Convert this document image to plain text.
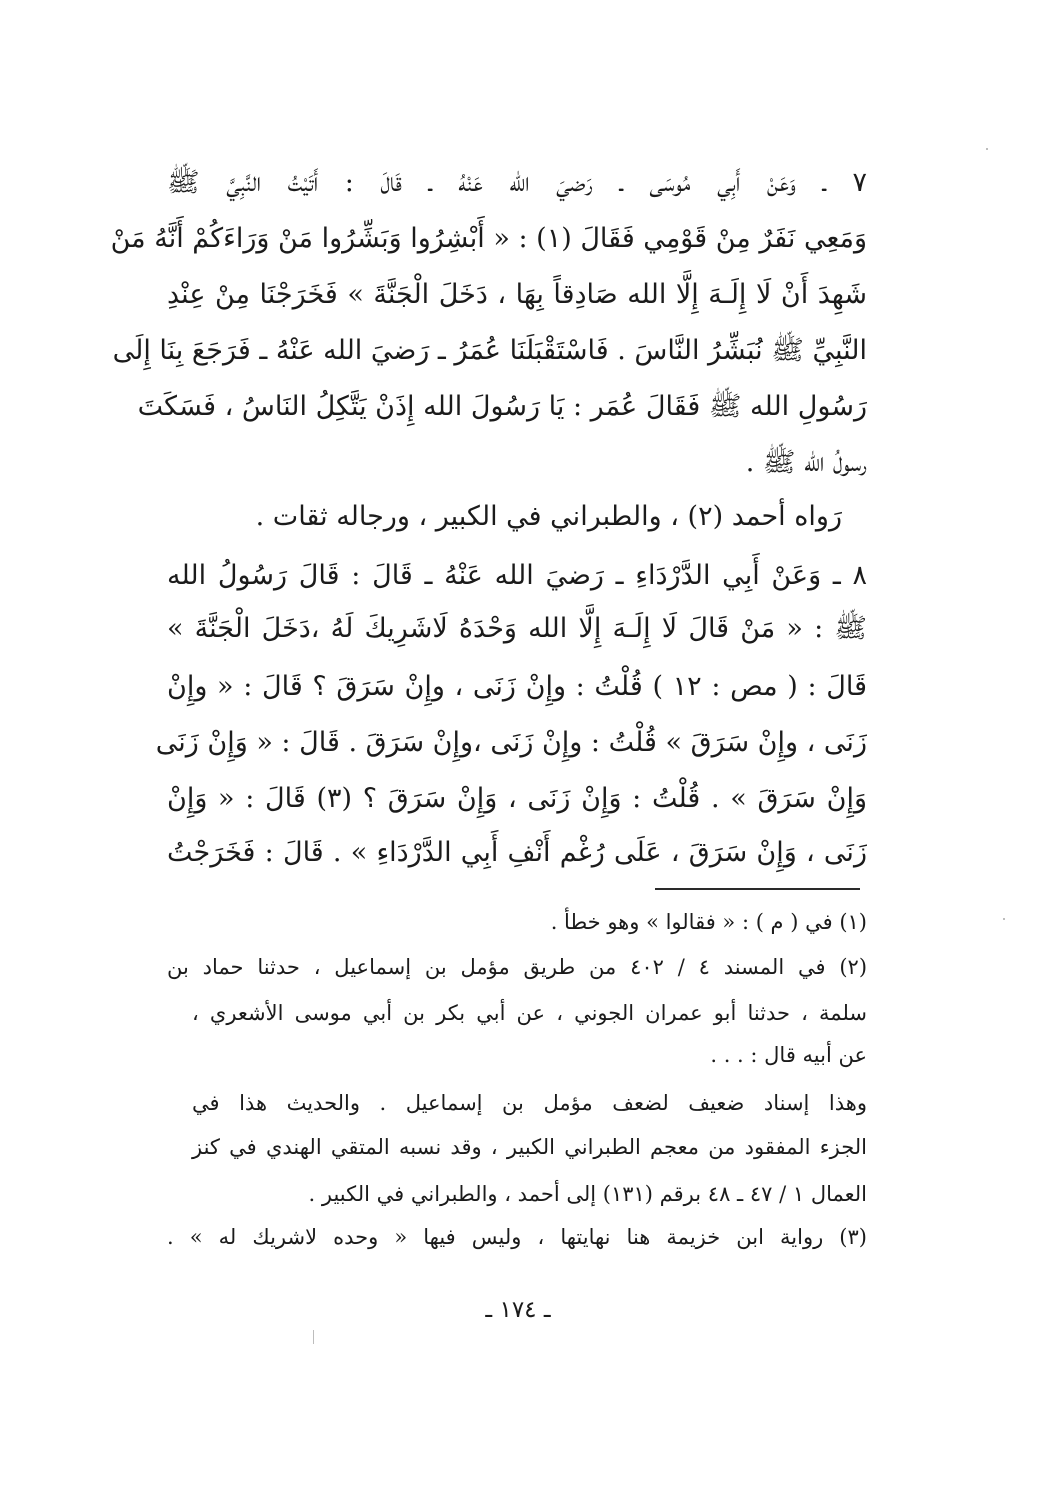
٧ ـ وَعَنْ أَبِي مُوسَى ـ رَضيَ الله عَنْهُ ـ قَالَ : أَتَيْتُ النَّبِيَّ ﷺ
وَمَعِي نَفَرٌ مِنْ قَوْمِي فَقَالَ (١) : « أَبْشِرُوا وَبَشِّرُوا مَنْ وَرَاءَكُمْ أَنَّهُ مَنْ
شَهِدَ أَنْ لَا إِلَـهَ إِلَّا الله صَادِقاً بِهَا ، دَخَلَ الْجَنَّةَ » فَخَرَجْنَا مِنْ عِنْدِ
النَّبِيِّ ﷺ نُبَشِّرُ النَّاسَ . فَاسْتَقْبَلَنَا عُمَرُ ـ رَضيَ الله عَنْهُ ـ فَرَجَعَ بِنَا إِلَى
رَسُولِ الله ﷺ فَقَالَ عُمَر : يَا رَسُولَ الله إِذَنْ يَتَّكِلُ النَاسُ ، فَسَكَتَ
رسولُ الله ﷺ .
رَواه أحمد (٢) ، والطبراني في الكبير ، ورجاله ثقات .
٨ ـ وَعَنْ أَبِي الدَّرْدَاءِ ـ رَضيَ الله عَنْهُ ـ قَالَ : قَالَ رَسُولُ الله
ﷺ : « مَنْ قَالَ لَا إِلَـهَ إِلَّا الله وَحْدَهُ لَاشَرِيكَ لَهُ ،دَخَلَ الْجَنَّةَ »
قَالَ : ( مص : ١٢ ) قُلْتُ : وإِنْ زَنَى ، وإِنْ سَرَقَ ؟ قَالَ : « وإِنْ
زَنَى ، وإِنْ سَرَقَ » قُلْتُ : وإِنْ زَنَى ،وإِنْ سَرَقَ . قَالَ : « وَإِنْ زَنَى
وَإِنْ سَرَقَ » . قُلْتُ : وَإِنْ زَنَى ، وَإِنْ سَرَقَ ؟ (٣) قَالَ : « وَإِنْ
زَنَى ، وَإِنْ سَرَقَ ، عَلَى رُغْم أَنْفِ أَبِي الدَّرْدَاءِ » . قَالَ : فَخَرَجْتُ
(١) في ( م ) : « فقالوا » وهو خطأ .
(٢) في المسند ٤ / ٤٠٢ من طريق مؤمل بن إسماعيل ، حدثنا حماد بن
سلمة ، حدثنا أبو عمران الجوني ، عن أبي بكر بن أبي موسى الأشعري ،
عن أبيه قال : . . .
وهذا إسناد ضعيف لضعف مؤمل بن إسماعيل . والحديث هذا في
الجزء المفقود من معجم الطبراني الكبير ، وقد نسبه المتقي الهندي في كنز
العمال ١ / ٤٧ ـ ٤٨ برقم (١٣١) إلى أحمد ، والطبراني في الكبير .
(٣) رواية ابن خزيمة هنا نهايتها ، وليس فيها « وحده لاشريك له » .
ـ ١٧٤ ـ
